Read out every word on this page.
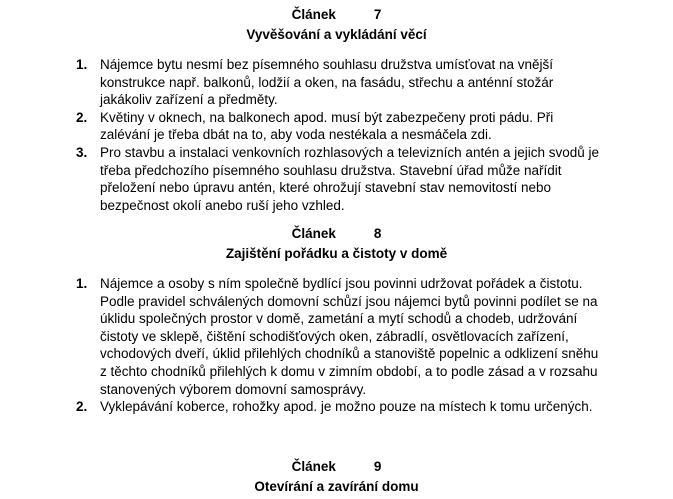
Článek	7
Vyvěšování a vykládání věcí
1. Nájemce bytu nesmí bez písemného souhlasu družstva umísťovat na vnější konstrukce např. balkonů, lodžií a oken, na fasádu, střechu a anténní stožár jakákoliv zařízení a předměty.
2. Květiny v oknech, na balkonech apod. musí být zabezpečeny proti pádu. Při zalévání je třeba dbát na to, aby voda nestékala a nesmáčela zdi.
3. Pro stavbu a instalaci venkovních rozhlasových a televizních antén a jejich svodů je třeba předchozího písemného souhlasu družstva. Stavební úřad může nařídit přeložení nebo úpravu antén, které ohrožují stavební stav nemovitostí nebo bezpečnost okolí anebo ruší jeho vzhled.
Článek	8
Zajištění pořádku a čistoty v domě
1. Nájemce a osoby s ním společně bydlící jsou povinni udržovat pořádek a čistotu. Podle pravidel schválených domovní schůzí jsou nájemci bytů povinni podílet se na úklidu společných prostor v domě, zametání a mytí schodů a chodeb, udržování čistoty ve sklepě, čištění schodišťových oken, zábradlí, osvětlovacích zařízení, vchodových dveří, úklid přilehlých chodníků a stanoviště popelnic a odklizení sněhu z těchto chodníků přilehlých k domu v zimním období, a to podle zásad a v rozsahu stanovených výborem domovní samosprávy.
2. Vyklepávání koberce, rohožky apod. je možno pouze na místech k tomu určených.
Článek	9
Otevírání a zavírání domu
